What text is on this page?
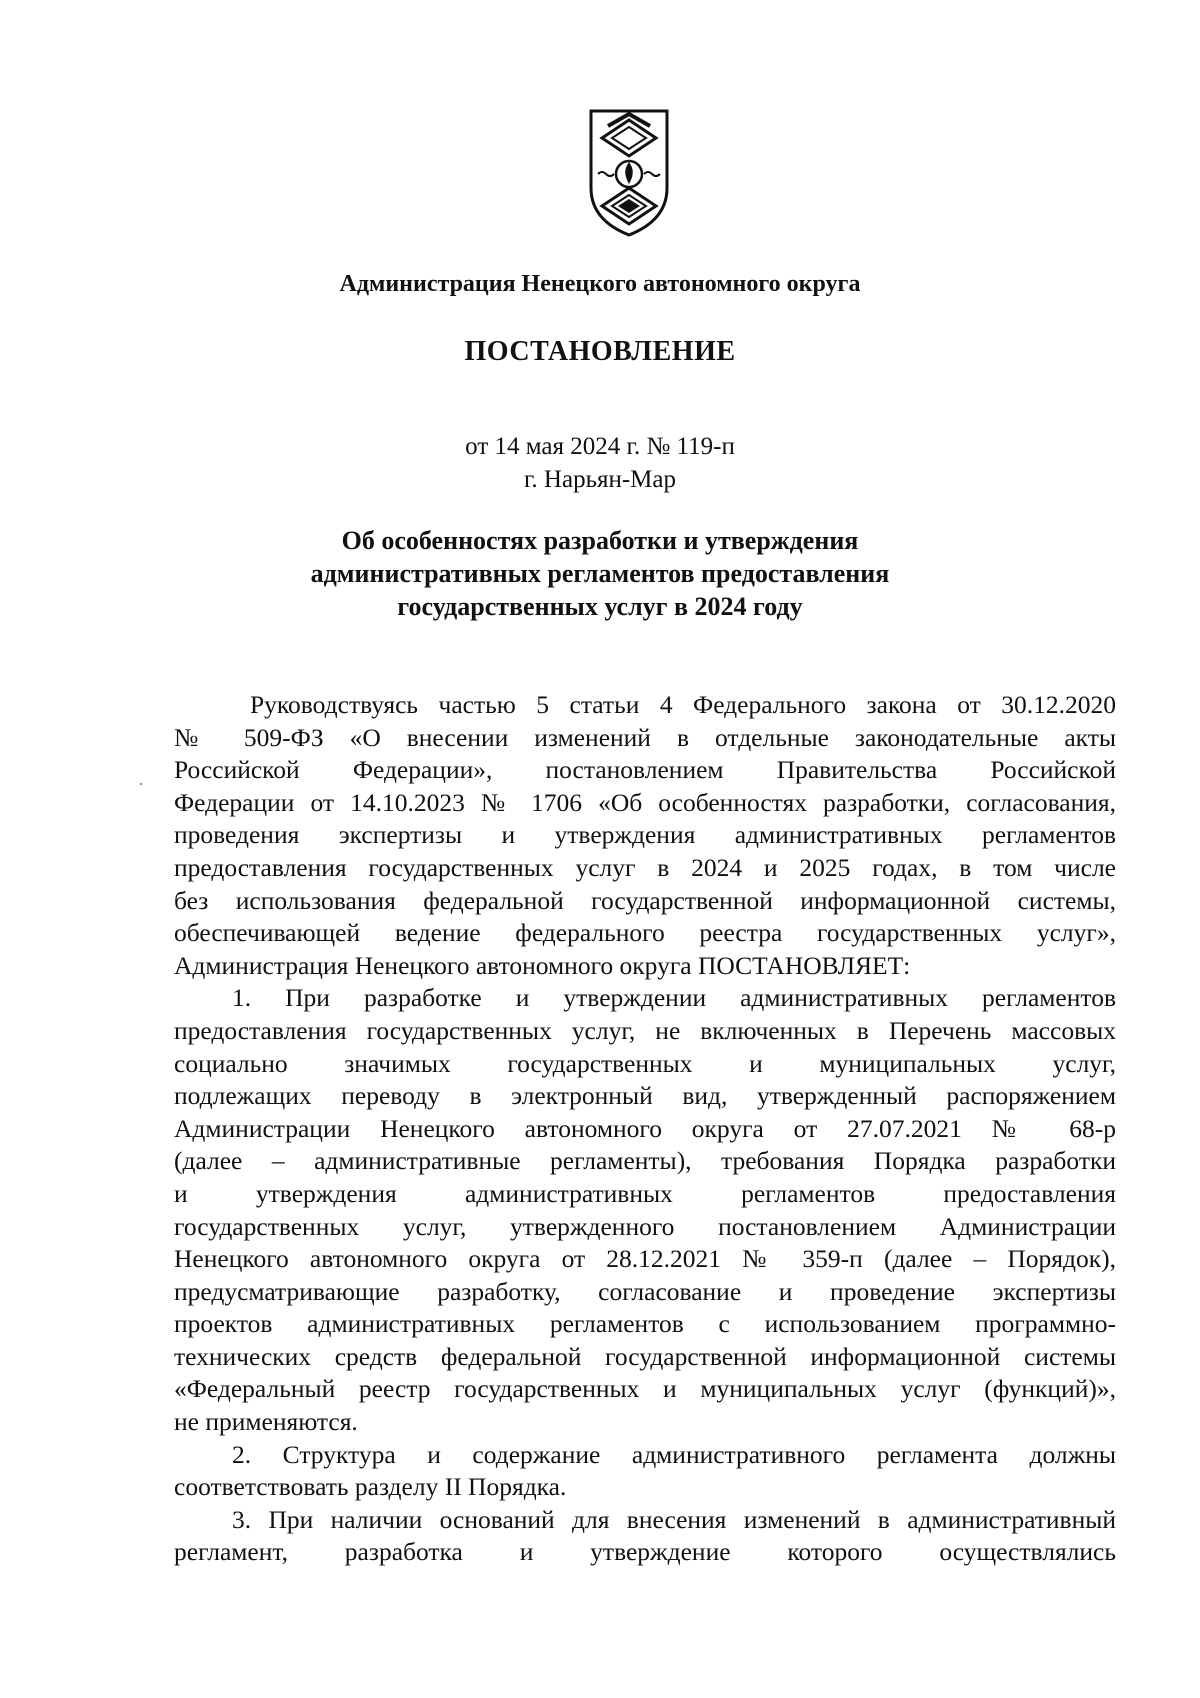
Администрация Ненецкого автономного округа
ПОСТАНОВЛЕНИЕ
от 14 мая 2024 г. № 119-п
г. Нарьян-Мар
Об особенностях разработки и утверждения
административных регламентов предоставления
государственных услуг в 2024 году
Руководствуясь частью 5 статьи 4 Федерального закона от 30.12.2020
№ 509-ФЗ «О внесении изменений в отдельные законодательные акты
Российской Федерации», постановлением Правительства Российской
Федерации от 14.10.2023 № 1706 «Об особенностях разработки, согласования,
проведения экспертизы и утверждения административных регламентов
предоставления государственных услуг в 2024 и 2025 годах, в том числе
без использования федеральной государственной информационной системы,
обеспечивающей ведение федерального реестра государственных услуг»,
Администрация Ненецкого автономного округа ПОСТАНОВЛЯЕТ:
1. При разработке и утверждении административных регламентов
предоставления государственных услуг, не включенных в Перечень массовых
социально значимых государственных и муниципальных услуг,
подлежащих переводу в электронный вид, утвержденный распоряжением
Администрации Ненецкого автономного округа от 27.07.2021 № 68-р
(далее – административные регламенты), требования Порядка разработки
и утверждения административных регламентов предоставления
государственных услуг, утвержденного постановлением Администрации
Ненецкого автономного округа от 28.12.2021 № 359-п (далее – Порядок),
предусматривающие разработку, согласование и проведение экспертизы
проектов административных регламентов с использованием программно-
технических средств федеральной государственной информационной системы
«Федеральный реестр государственных и муниципальных услуг (функций)»,
не применяются.
2. Структура и содержание административного регламента должны
соответствовать разделу II Порядка.
3. При наличии оснований для внесения изменений в административный
регламент, разработка и утверждение которого осуществлялись
